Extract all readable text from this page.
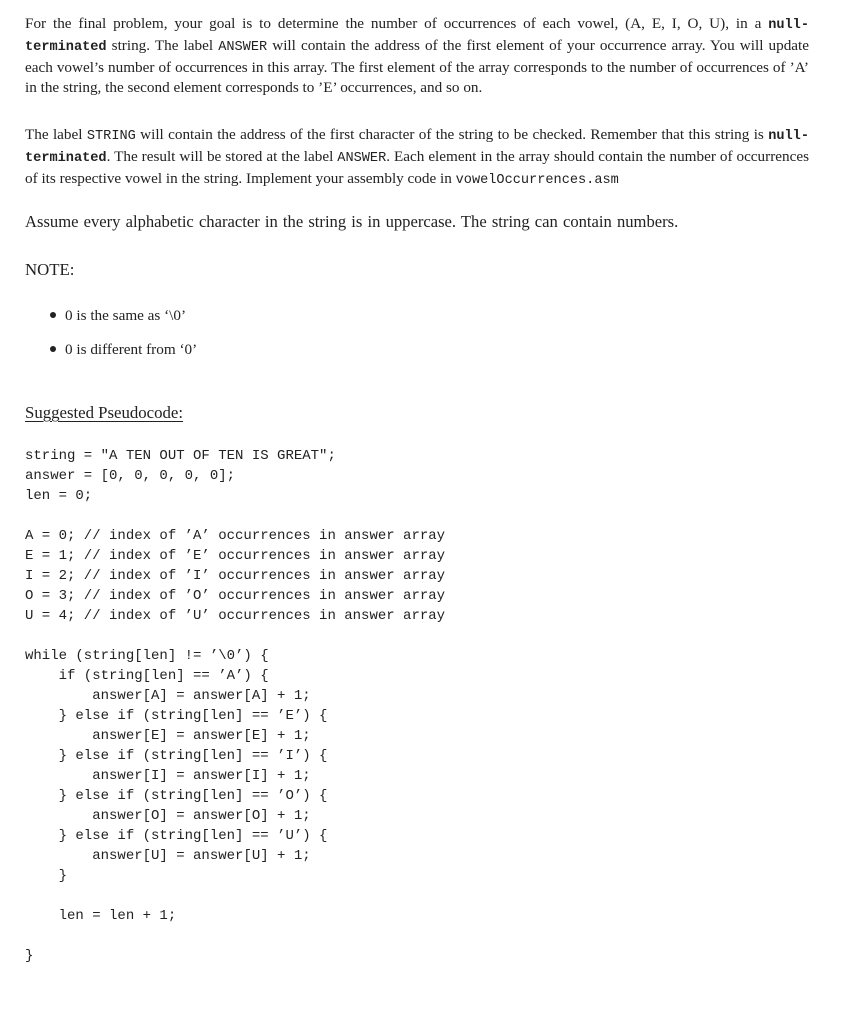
For the final problem, your goal is to determine the number of occurrences of each vowel, (A, E, I, O, U), in a null-terminated string. The label ANSWER will contain the address of the first element of your occurrence array. You will update each vowel’s number of occurrences in this array. The first element of the array corresponds to the number of occurrences of ’A’ in the string, the second element corresponds to ’E’ occurrences, and so on.

The label STRING will contain the address of the first character of the string to be checked. Remember that this string is null-terminated. The result will be stored at the label ANSWER. Each element in the array should contain the number of occurrences of its respective vowel in the string. Implement your assembly code in vowelOccurrences.asm

Assume every alphabetic character in the string is in uppercase. The string can contain numbers.

NOTE:

0 is the same as ‘\0’
0 is different from ‘0’

Suggested Pseudocode:

string = "A TEN OUT OF TEN IS GREAT";
answer = [0, 0, 0, 0, 0];
len = 0;
A = 0; // index of ’A’ occurrences in answer array
E = 1; // index of ’E’ occurrences in answer array
I = 2; // index of ’I’ occurrences in answer array
O = 3; // index of ’O’ occurrences in answer array
U = 4; // index of ’U’ occurrences in answer array
while (string[len] != ’\0’) {
if (string[len] == ’A’) {
answer[A] = answer[A] + 1;
} else if (string[len] == ’E’) {
answer[E] = answer[E] + 1;
} else if (string[len] == ’I’) {
answer[I] = answer[I] + 1;
} else if (string[len] == ’O’) {
answer[O] = answer[O] + 1;
} else if (string[len] == ’U’) {
answer[U] = answer[U] + 1;
}

len = len + 1;

}
